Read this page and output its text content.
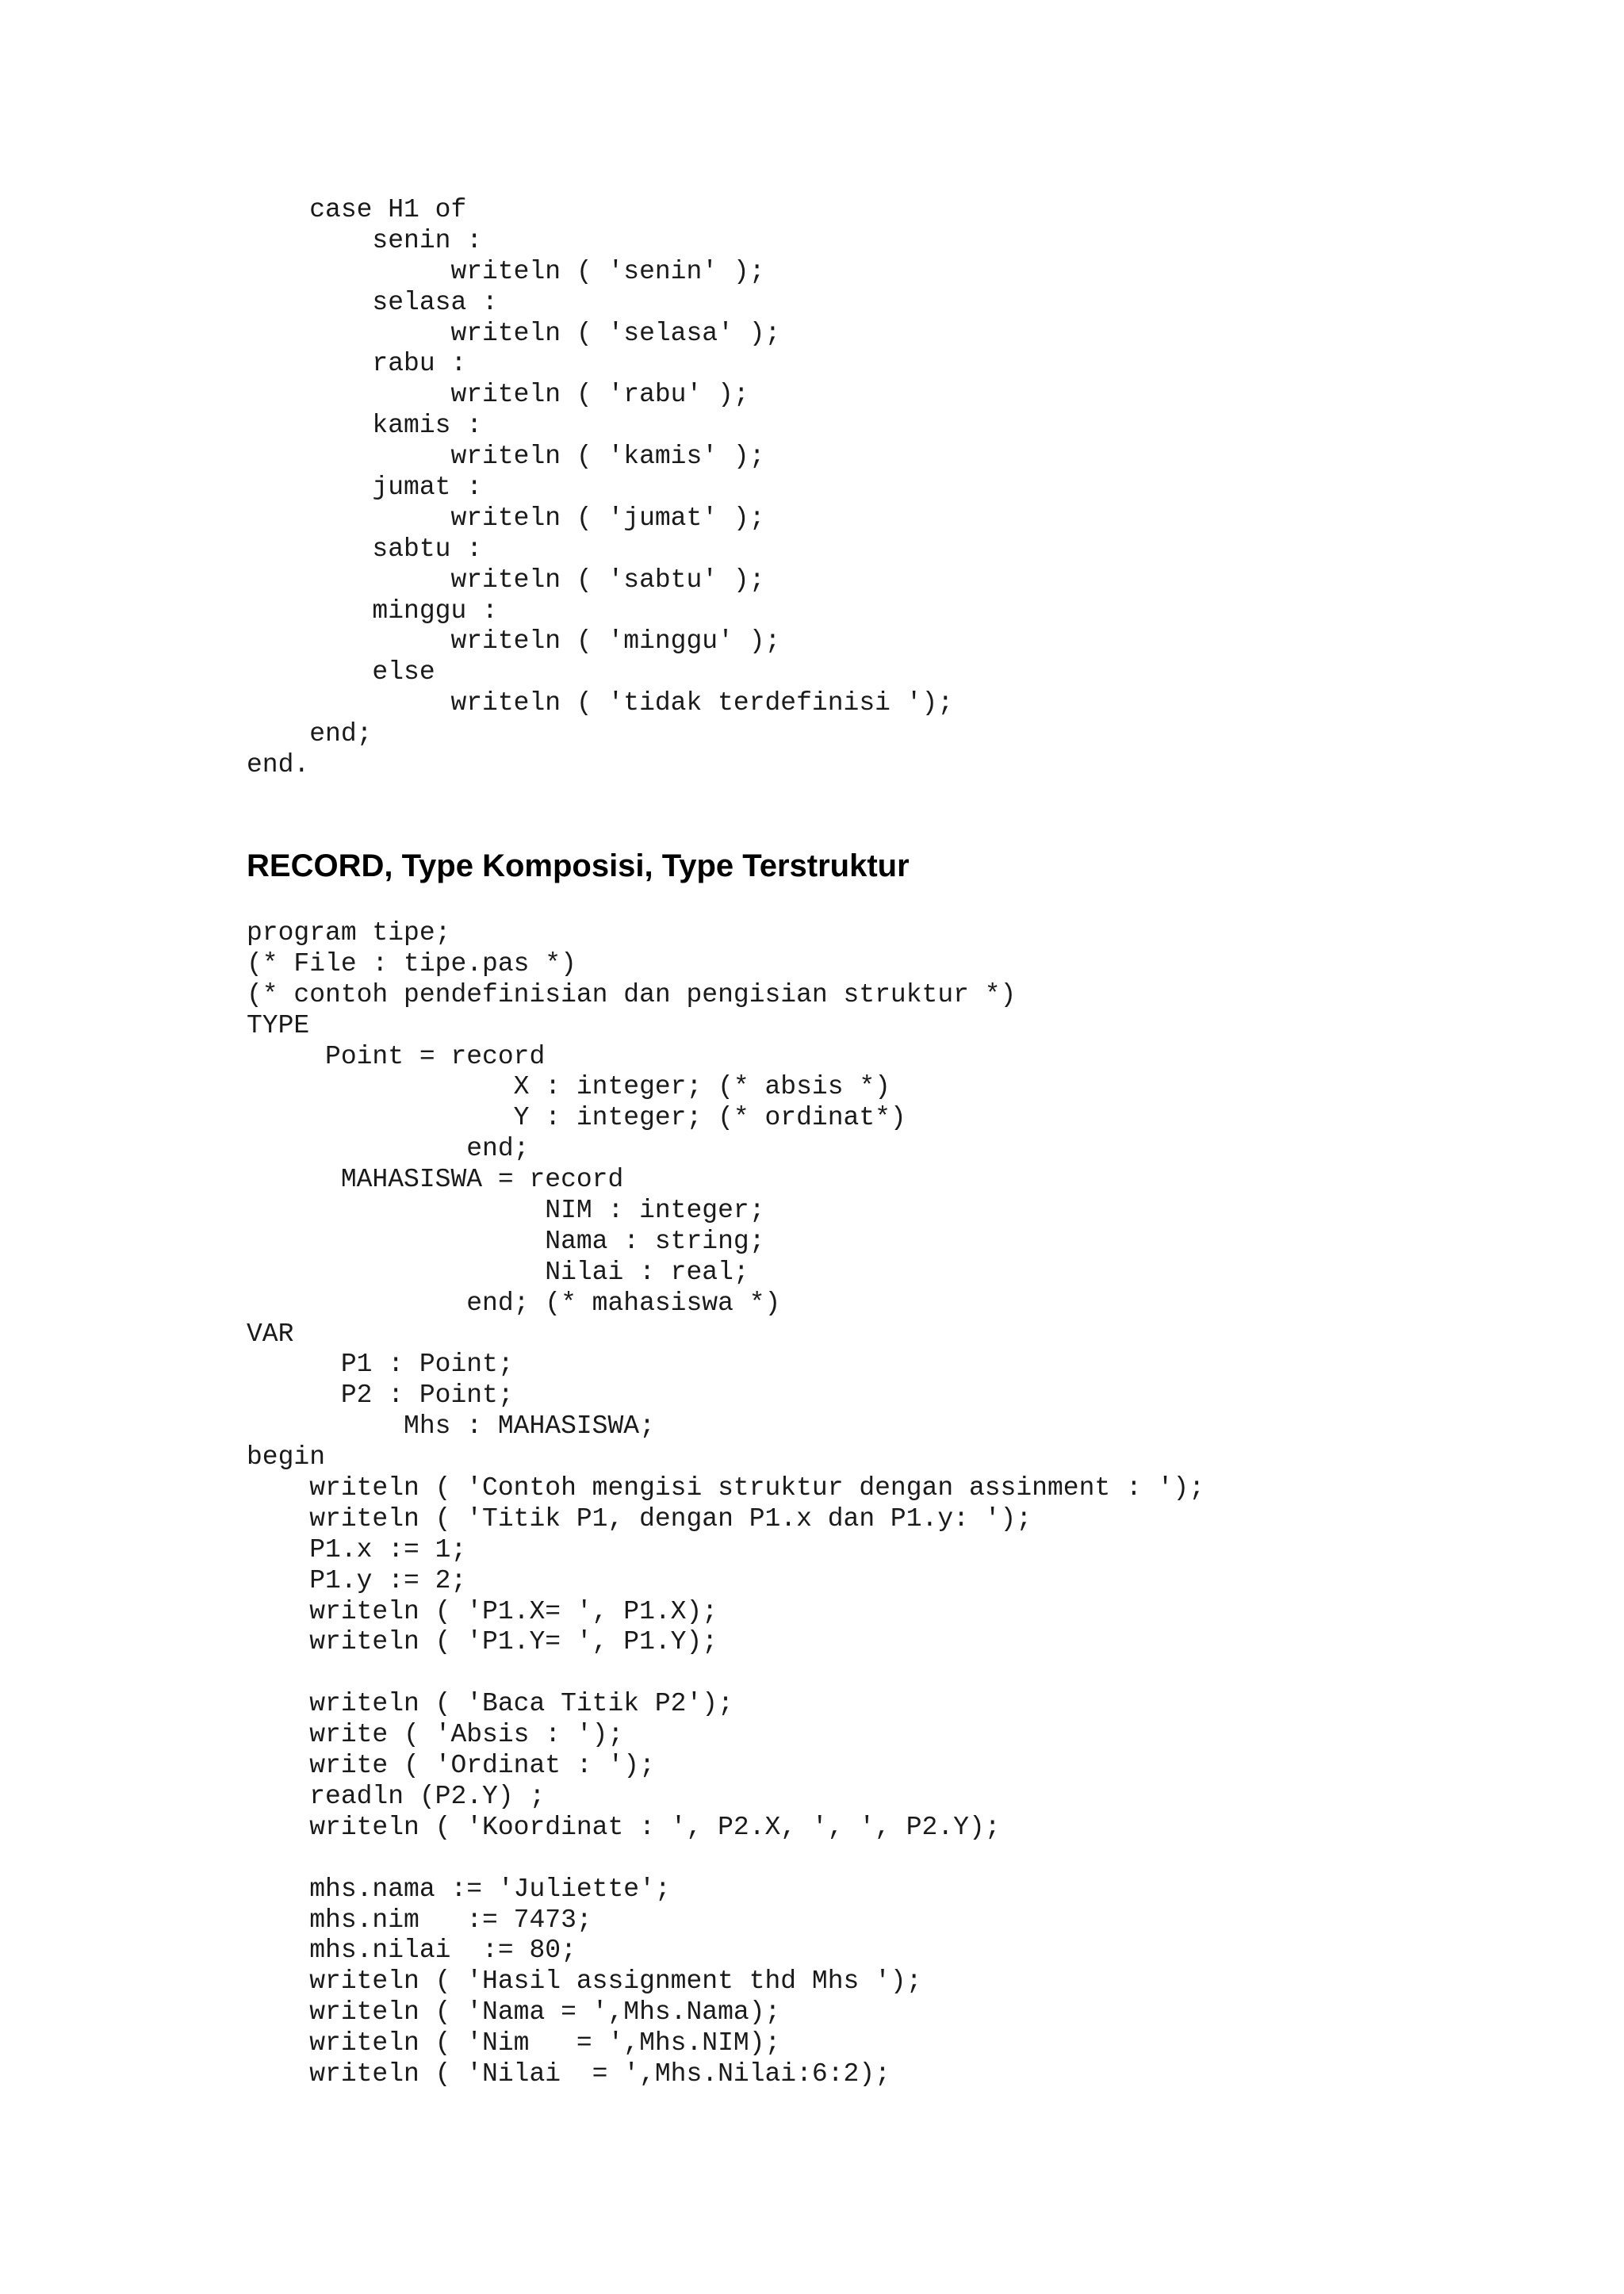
case H1 of
senin :
writeln ( 'senin' );
selasa :
writeln ( 'selasa' );
rabu :
writeln ( 'rabu' );
kamis :
writeln ( 'kamis' );
jumat :
writeln ( 'jumat' );
sabtu :
writeln ( 'sabtu' );
minggu :
writeln ( 'minggu' );
else
writeln ( 'tidak terdefinisi ');
end;
end.
RECORD, Type Komposisi, Type Terstruktur
program tipe;
(* File : tipe.pas *)
(* contoh pendefinisian dan pengisian struktur *)
TYPE
Point = record
X : integer; (* absis *)
Y : integer; (* ordinat*)
end;
MAHASISWA = record
NIM : integer;
Nama : string;
Nilai : real;
end; (* mahasiswa *)
VAR
P1 : Point;
P2 : Point;
Mhs : MAHASISWA;
begin
writeln ( 'Contoh mengisi struktur dengan assinment : ');
writeln ( 'Titik P1, dengan P1.x dan P1.y: ');
P1.x := 1;
P1.y := 2;
writeln ( 'P1.X= ', P1.X);
writeln ( 'P1.Y= ', P1.Y);

writeln ( 'Baca Titik P2');
write ( 'Absis : ');
write ( 'Ordinat : ');
readln (P2.Y) ;
writeln ( 'Koordinat : ', P2.X, ', ', P2.Y);

mhs.nama := 'Juliette';
mhs.nim   := 7473;
mhs.nilai  := 80;
writeln ( 'Hasil assignment thd Mhs ');
writeln ( 'Nama = ',Mhs.Nama);
writeln ( 'Nim   = ',Mhs.NIM);
writeln ( 'Nilai  = ',Mhs.Nilai:6:2);
